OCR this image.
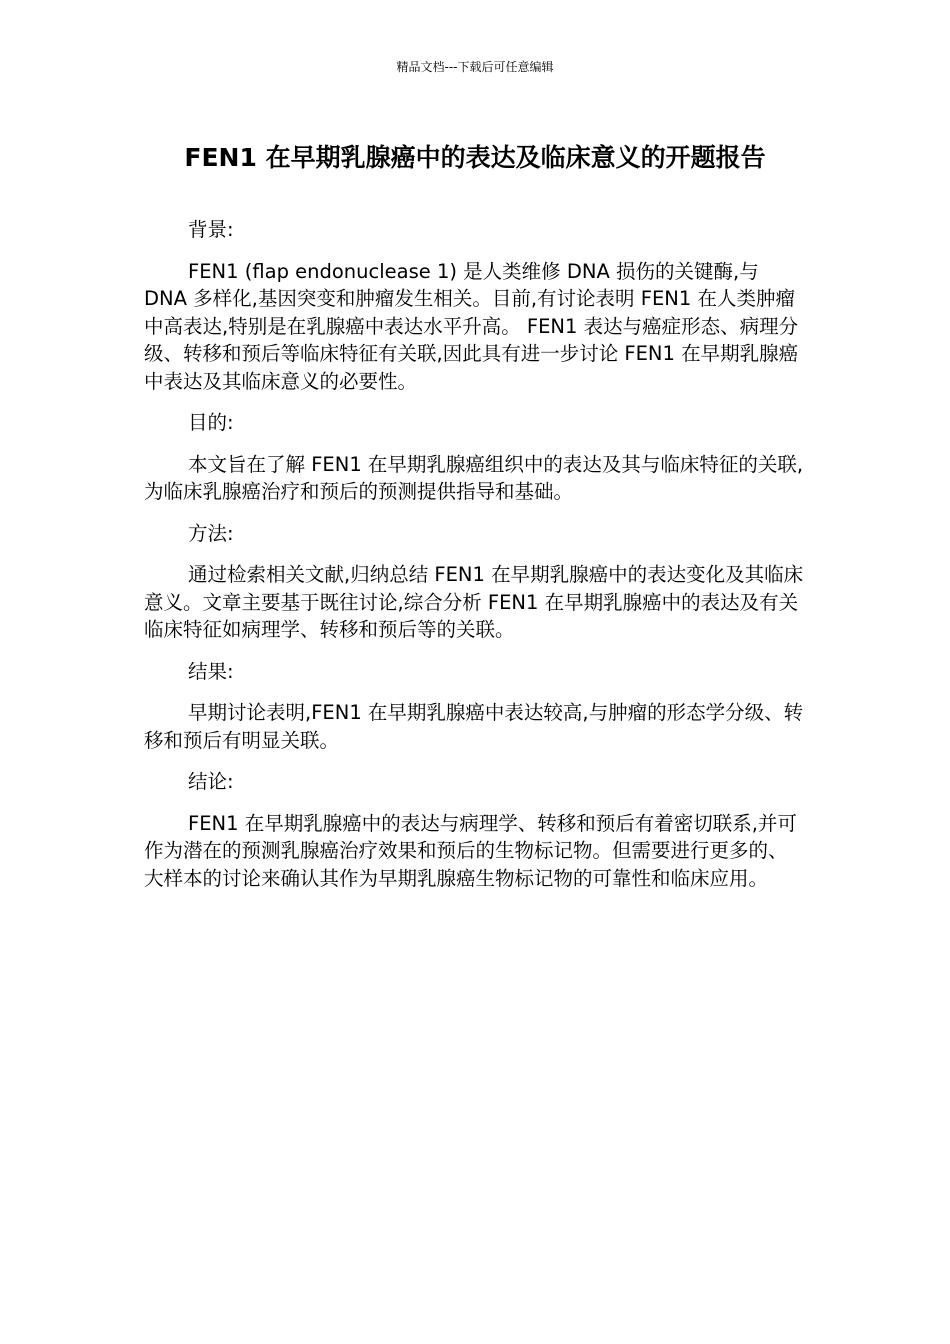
精品文档---下载后可任意编辑
FEN1 在早期乳腺癌中的表达及临床意义的开题报告

背景:

FEN1 (flap endonuclease 1) 是人类维修 DNA 损伤的关键酶,与 DNA 多样化,基因突变和肿瘤发生相关。目前,有讨论表明 FEN1 在人类肿瘤中高表达,特别是在乳腺癌中表达水平升高。 FEN1 表达与癌症形态、病理分级、转移和预后等临床特征有关联,因此具有进一步讨论 FEN1 在早期乳腺癌中表达及其临床意义的必要性。

目的:

本文旨在了解 FEN1 在早期乳腺癌组织中的表达及其与临床特征的关联,为临床乳腺癌治疗和预后的预测提供指导和基础。

方法:

通过检索相关文献,归纳总结 FEN1 在早期乳腺癌中的表达变化及其临床意义。文章主要基于既往讨论,综合分析 FEN1 在早期乳腺癌中的表达及有关临床特征如病理学、转移和预后等的关联。

结果:

早期讨论表明,FEN1 在早期乳腺癌中表达较高,与肿瘤的形态学分级、转移和预后有明显关联。

结论:

FEN1 在早期乳腺癌中的表达与病理学、转移和预后有着密切联系,并可作为潜在的预测乳腺癌治疗效果和预后的生物标记物。但需要进行更多的、大样本的讨论来确认其作为早期乳腺癌生物标记物的可靠性和临床应用。
